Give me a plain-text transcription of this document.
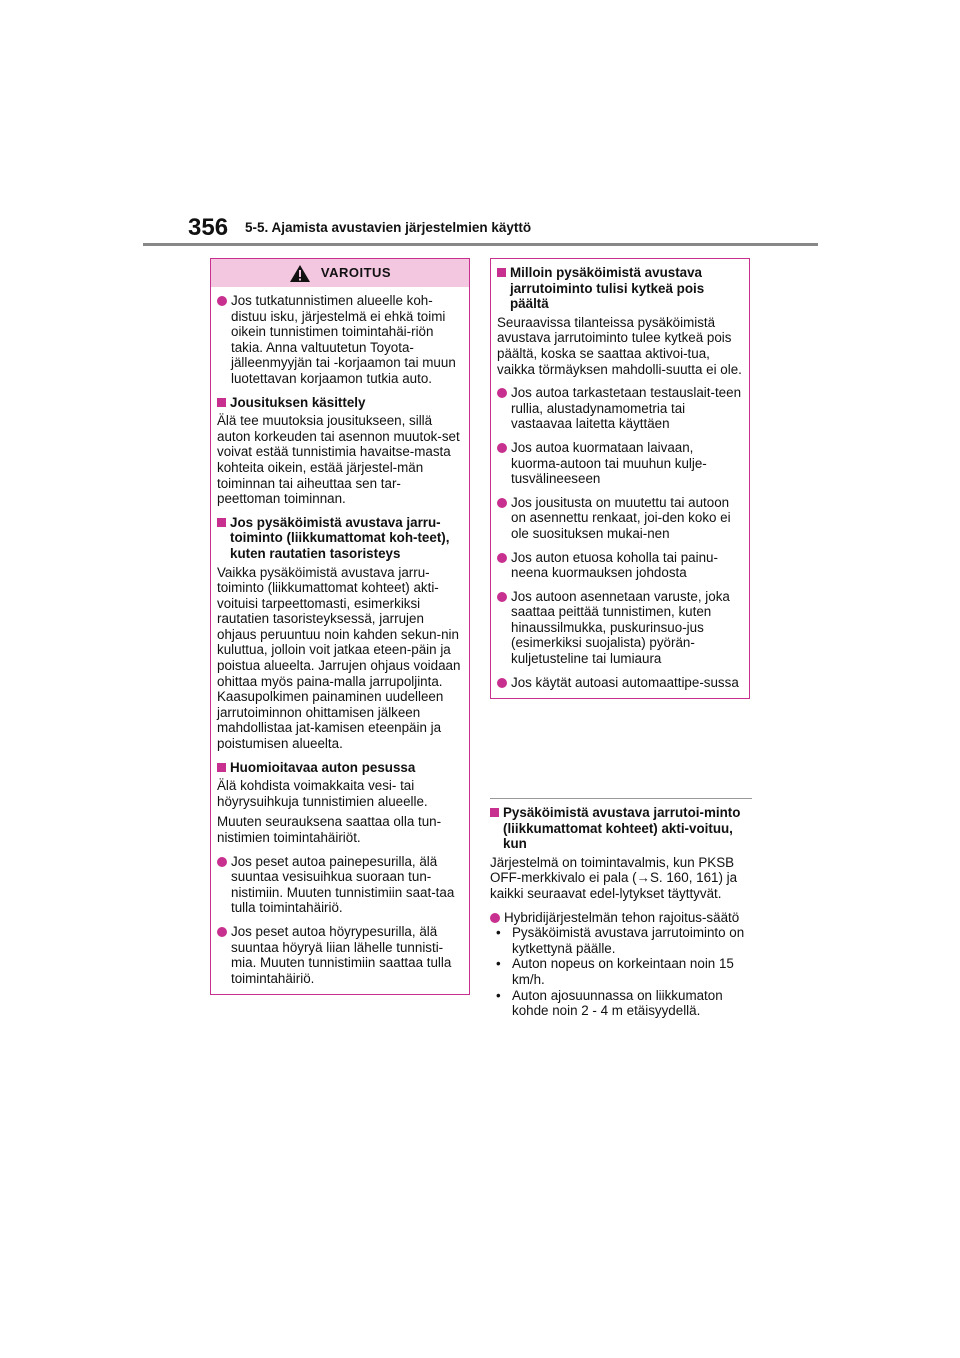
356 5-5. Ajamista avustavien järjestelmien käyttö
VAROITUS
Jos tutkatunnistimen alueelle koh-distuu isku, järjestelmä ei ehkä toimi oikein tunnistimen toimintahäi-riön takia. Anna valtuutetun Toyota-jälleenmyyjän tai -korjaamon tai muun luotettavan korjaamon tutkia auto.
Jousituksen käsittely

Älä tee muutoksia jousitukseen, sillä auton korkeuden tai asennon muutok-set voivat estää tunnistimia havaitse-masta kohteita oikein, estää järjestel-män toiminnan tai aiheuttaa sen tar-peettoman toiminnan.

Jos pysäköimistä avustava jarru-toiminto (liikkumattomat koh-teet), kuten rautatien tasoristeys

Vaikka pysäköimistä avustava jarru-toiminto (liikkumattomat kohteet) akti-voituisi tarpeettomasti, esimerkiksi rautatien tasoristeyksessä, jarrujen ohjaus peruuntuu noin kahden sekun-nin kuluttua, jolloin voit jatkaa eteen-päin ja poistua alueelta. Jarrujen ohjaus voidaan ohittaa myös paina-malla jarrupoljinta. Kaasupolkimen painaminen uudelleen jarrutoiminnon ohittamisen jälkeen mahdollistaa jat-kamisen eteenpäin ja poistumisen alueelta.

Huomioitavaa auton pesussa

Älä kohdista voimakkaita vesi- tai höyrysuihkuja tunnistimien alueelle.

Muuten seurauksena saattaa olla tun-nistimien toimintahäiriöt.

Jos peset autoa painepesurilla, älä suuntaa vesisuihkua suoraan tun-nistimiin. Muuten tunnistimiin saat-taa tulla toimintahäiriö.
Jos peset autoa höyrypesurilla, älä suuntaa höyryä liian lähelle tunnisti-mia. Muuten tunnistimiin saattaa tulla toimintahäiriö.
Milloin pysäköimistä avustava jarrutoiminto tulisi kytkeä pois päältä

Seuraavissa tilanteissa pysäköimistä avustava jarrutoiminto tulee kytkeä pois päältä, koska se saattaa aktivoi-tua, vaikka törmäyksen mahdolli-suutta ei ole.

Jos autoa tarkastetaan testauslait-teen rullia, alustadynamometria tai vastaavaa laitetta käyttäen
Jos autoa kuormataan laivaan, kuorma-autoon tai muuhun kulje-tusvälineeseen
Jos jousitusta on muutettu tai autoon on asennettu renkaat, joi-den koko ei ole suosituksen mukai-nen
Jos auton etuosa koholla tai painu-neena kuormauksen johdosta
Jos autoon asennetaan varuste, joka saattaa peittää tunnistimen, kuten hinaussilmukka, puskurinsuo-jus (esimerkiksi suojalista) pyörän-kuljetusteline tai lumiaura
Jos käytät autoasi automaattipe-sussa
Pysäköimistä avustava jarrutoi-minto (liikkumattomat kohteet) akti-voituu, kun

Järjestelmä on toimintavalmis, kun PKSB OFF-merkkivalo ei pala (→S. 160, 161) ja kaikki seuraavat edel-lytykset täyttyvät.

Hybridijärjestelmän tehon rajoitus-säätö
• Pysäköimistä avustava jarrutoiminto on kytkettynä päälle.
• Auton nopeus on korkeintaan noin 15 km/h.
• Auton ajosuunnassa on liikkumaton kohde noin 2 - 4 m etäisyydellä.
